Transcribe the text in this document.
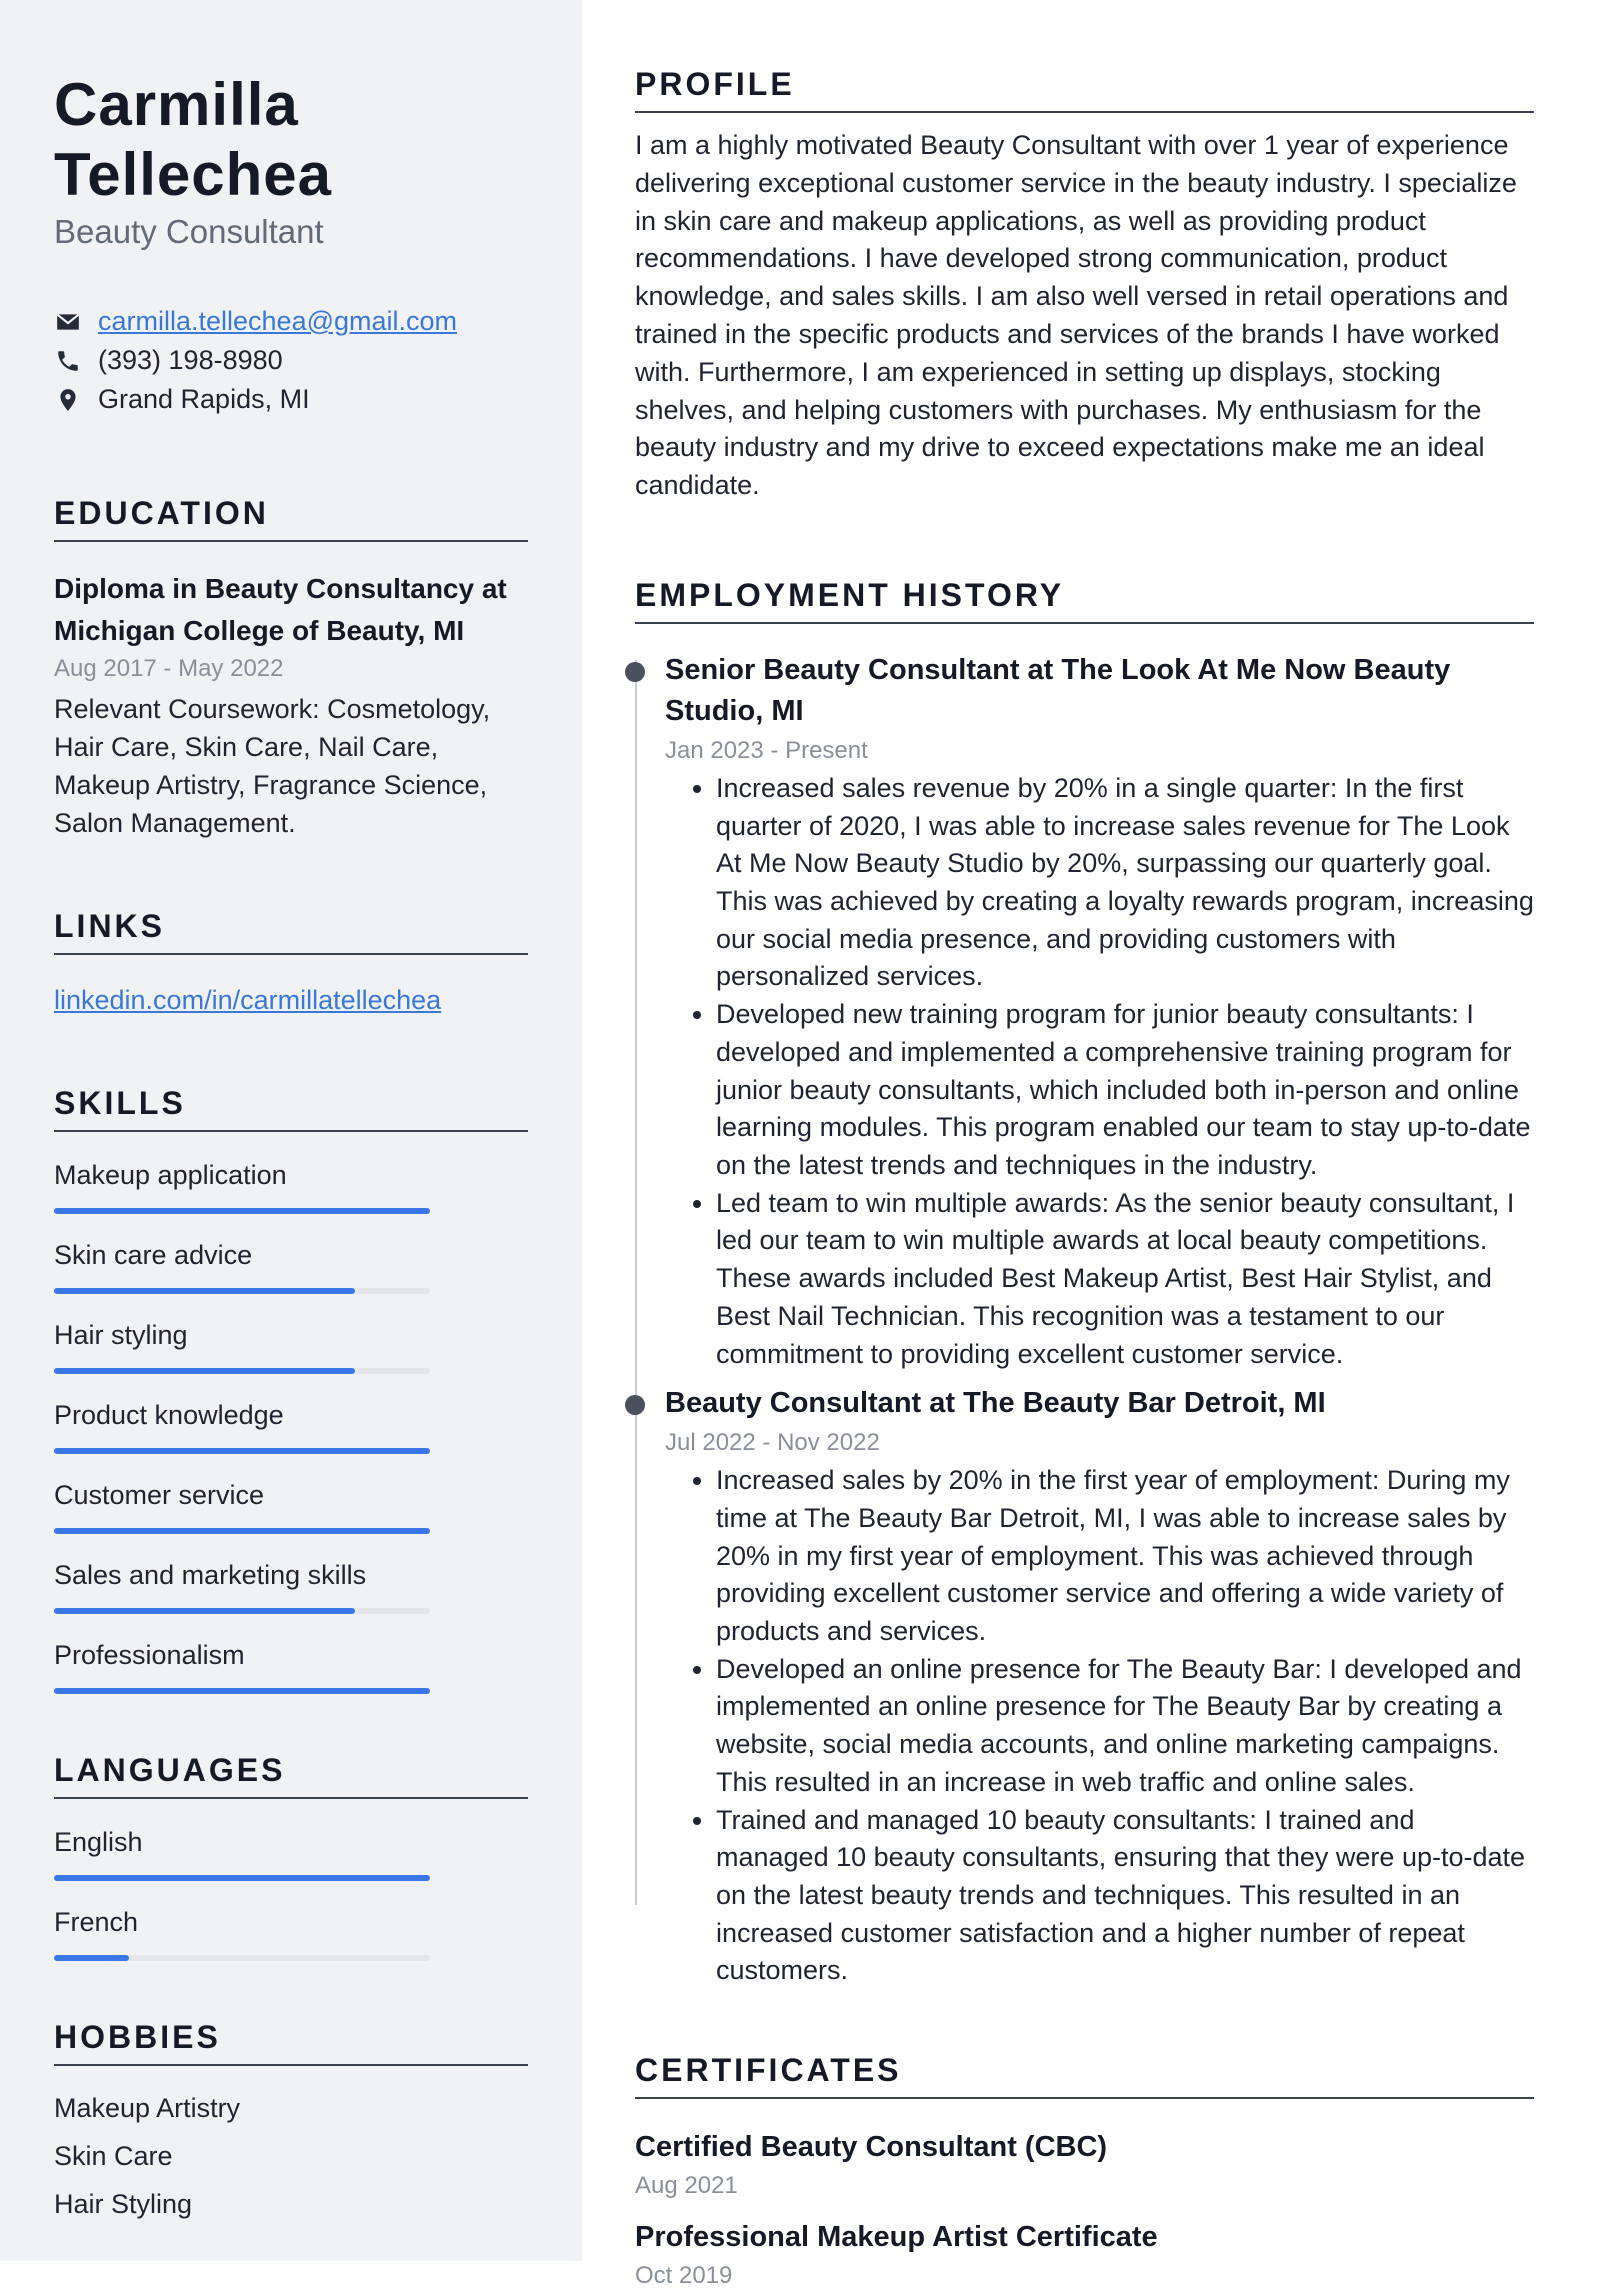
Carmilla Tellechea
Beauty Consultant
carmilla.tellechea@gmail.com
(393) 198-8980
Grand Rapids, MI
EDUCATION
Diploma in Beauty Consultancy at Michigan College of Beauty, MI
Aug 2017 - May 2022
Relevant Coursework: Cosmetology, Hair Care, Skin Care, Nail Care, Makeup Artistry, Fragrance Science, Salon Management.
LINKS
linkedin.com/in/carmillatellechea
SKILLS
Makeup application
Skin care advice
Hair styling
Product knowledge
Customer service
Sales and marketing skills
Professionalism
LANGUAGES
English
French
HOBBIES
Makeup Artistry
Skin Care
Hair Styling
PROFILE
I am a highly motivated Beauty Consultant with over 1 year of experience delivering exceptional customer service in the beauty industry. I specialize in skin care and makeup applications, as well as providing product recommendations. I have developed strong communication, product knowledge, and sales skills. I am also well versed in retail operations and trained in the specific products and services of the brands I have worked with. Furthermore, I am experienced in setting up displays, stocking shelves, and helping customers with purchases. My enthusiasm for the beauty industry and my drive to exceed expectations make me an ideal candidate.
EMPLOYMENT HISTORY
Senior Beauty Consultant at The Look At Me Now Beauty Studio, MI
Jan 2023 - Present
• Increased sales revenue by 20% in a single quarter: In the first quarter of 2020, I was able to increase sales revenue for The Look At Me Now Beauty Studio by 20%, surpassing our quarterly goal. This was achieved by creating a loyalty rewards program, increasing our social media presence, and providing customers with personalized services.
• Developed new training program for junior beauty consultants: I developed and implemented a comprehensive training program for junior beauty consultants, which included both in-person and online learning modules. This program enabled our team to stay up-to-date on the latest trends and techniques in the industry.
• Led team to win multiple awards: As the senior beauty consultant, I led our team to win multiple awards at local beauty competitions. These awards included Best Makeup Artist, Best Hair Stylist, and Best Nail Technician. This recognition was a testament to our commitment to providing excellent customer service.
Beauty Consultant at The Beauty Bar Detroit, MI
Jul 2022 - Nov 2022
• Increased sales by 20% in the first year of employment: During my time at The Beauty Bar Detroit, MI, I was able to increase sales by 20% in my first year of employment. This was achieved through providing excellent customer service and offering a wide variety of products and services.
• Developed an online presence for The Beauty Bar: I developed and implemented an online presence for The Beauty Bar by creating a website, social media accounts, and online marketing campaigns. This resulted in an increase in web traffic and online sales.
• Trained and managed 10 beauty consultants: I trained and managed 10 beauty consultants, ensuring that they were up-to-date on the latest beauty trends and techniques. This resulted in an increased customer satisfaction and a higher number of repeat customers.
CERTIFICATES
Certified Beauty Consultant (CBC)
Aug 2021
Professional Makeup Artist Certificate
Oct 2019
